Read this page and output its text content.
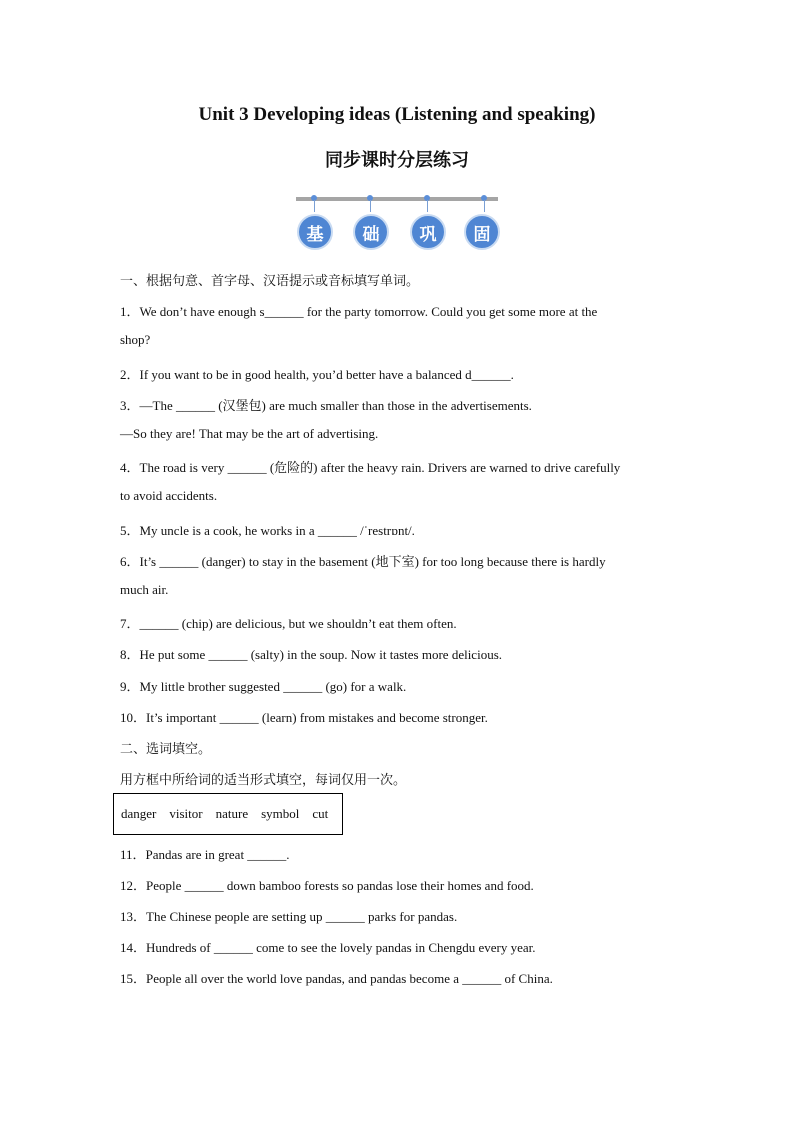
Unit 3 Developing ideas (Listening and speaking)
同步课时分层练习
基	础	巩	固
一、根据句意、首字母、汉语提示或音标填写单词。
1．We don’t have enough s______ for the party tomorrow. Could you get some more at the
shop?
2．If you want to be in good health, you’d better have a balanced d______.
3．—The ______ (汉堡包) are much smaller than those in the advertisements.
—So they are! That may be the art of advertising.
4．The road is very ______ (危险的) after the heavy rain. Drivers are warned to drive carefully
to avoid accidents.
5．My uncle is a cook, he works in a ______ /ˈrestrɒnt/.
6．It’s ______ (danger) to stay in the basement (地下室) for too long because there is hardly
much air.
7．______ (chip) are delicious, but we shouldn’t eat them often.
8．He put some ______ (salty) in the soup. Now it tastes more delicious.
9．My little brother suggested ______ (go) for a walk.
10．It’s important ______ (learn) from mistakes and become stronger.
二、选词填空。
用方框中所给词的适当形式填空，每词仅用一次。
danger visitor nature symbol cut
11．Pandas are in great ______.
12．People ______ down bamboo forests so pandas lose their homes and food.
13．The Chinese people are setting up ______ parks for pandas.
14．Hundreds of ______ come to see the lovely pandas in Chengdu every year.
15．People all over the world love pandas, and pandas become a ______ of China.
